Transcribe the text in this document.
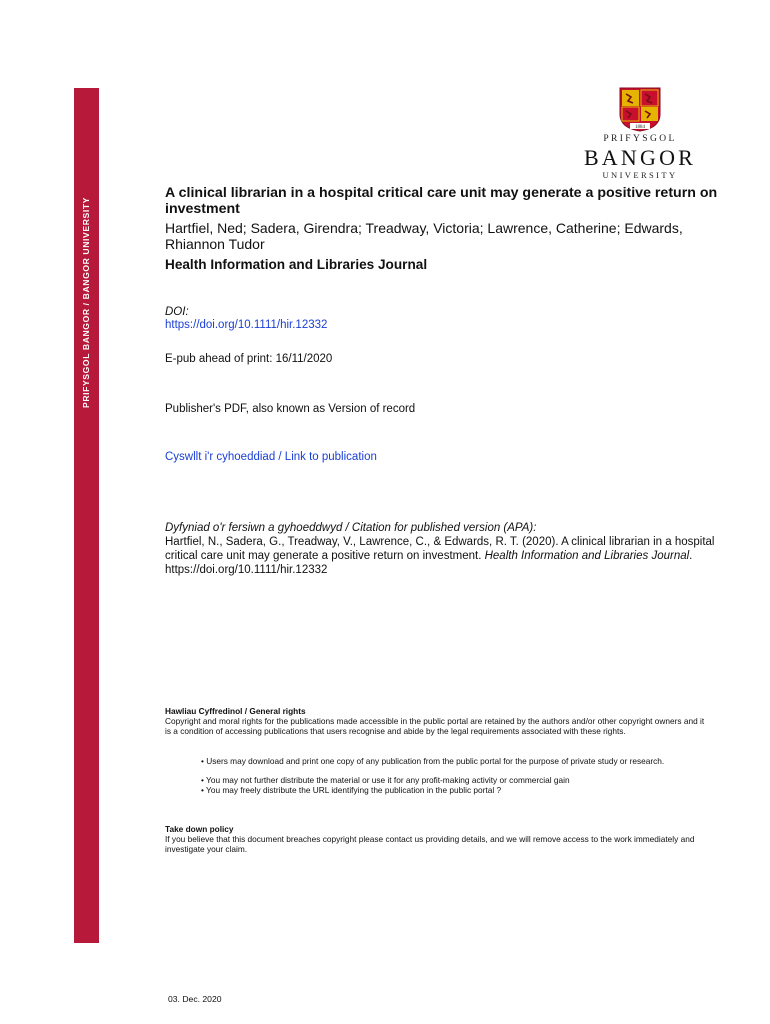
PRIFYSGOL BANGOR / BANGOR UNIVERSITY
1884
PRIFYSGOL
BANGOR
UNIVERSITY
A clinical librarian in a hospital critical care unit may generate a positive return on investment
Hartfiel, Ned; Sadera, Girendra; Treadway, Victoria; Lawrence, Catherine; Edwards, Rhiannon Tudor
Health Information and Libraries Journal
DOI:
https://doi.org/10.1111/hir.12332
E-pub ahead of print: 16/11/2020
Publisher's PDF, also known as Version of record
Cyswllt i'r cyhoeddiad / Link to publication
Dyfyniad o'r fersiwn a gyhoeddwyd / Citation for published version (APA):
Hartfiel, N., Sadera, G., Treadway, V., Lawrence, C., & Edwards, R. T. (2020). A clinical librarian in a hospital critical care unit may generate a positive return on investment. Health Information and Libraries Journal. https://doi.org/10.1111/hir.12332
Hawliau Cyffredinol / General rights
Copyright and moral rights for the publications made accessible in the public portal are retained by the authors and/or other copyright owners and it is a condition of accessing publications that users recognise and abide by the legal requirements associated with these rights.
• Users may download and print one copy of any publication from the public portal for the purpose of private study or research.
• You may not further distribute the material or use it for any profit-making activity or commercial gain
• You may freely distribute the URL identifying the publication in the public portal ?
Take down policy
If you believe that this document breaches copyright please contact us providing details, and we will remove access to the work immediately and investigate your claim.
03. Dec. 2020
